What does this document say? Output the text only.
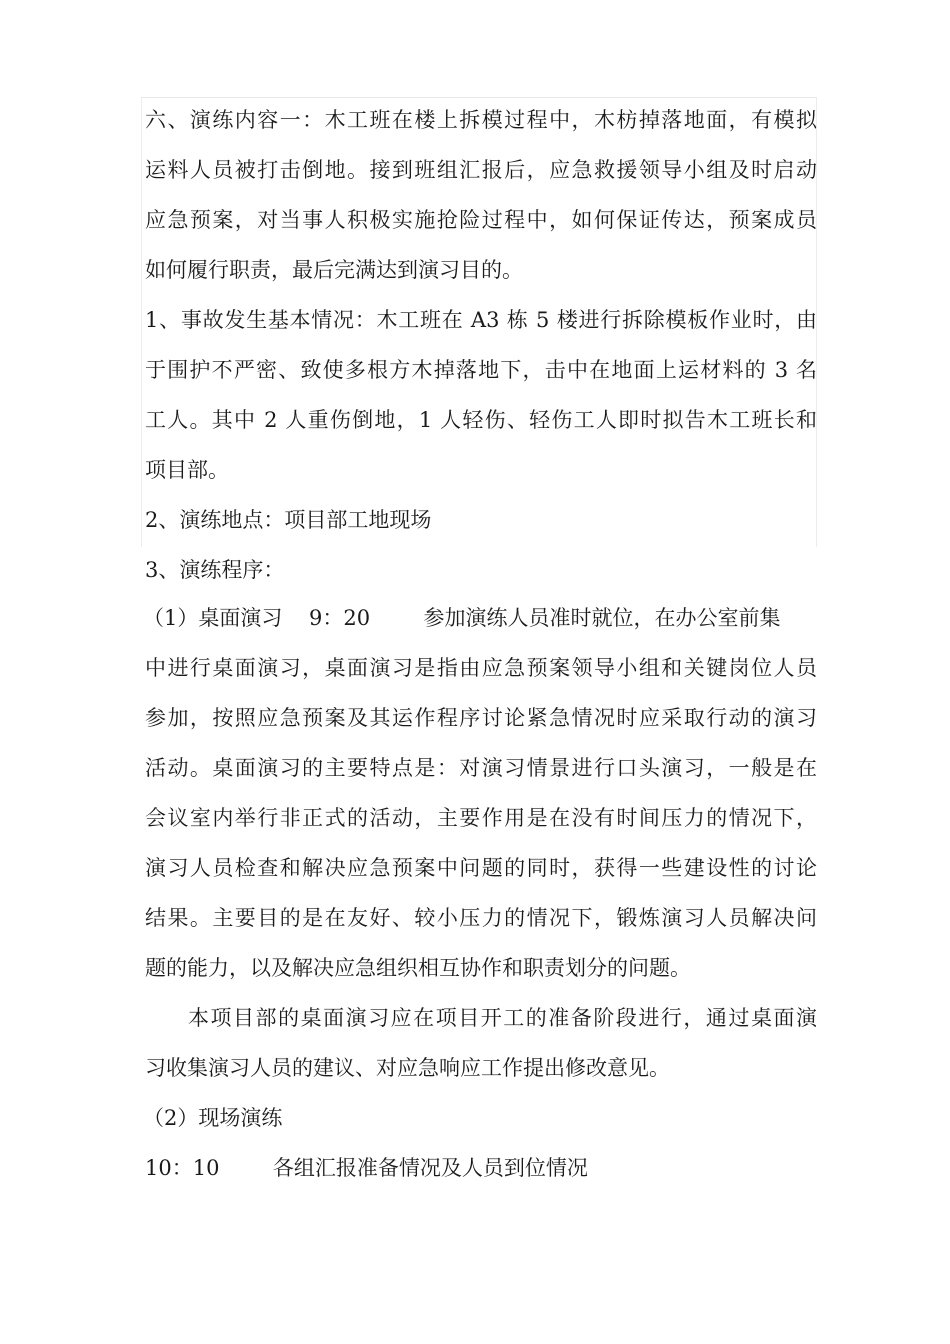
六、演练内容一：木工班在楼上拆模过程中，木枋掉落地面，有模拟
运料人员被打击倒地。接到班组汇报后，应急救援领导小组及时启动
应急预案，对当事人积极实施抢险过程中，如何保证传达，预案成员
如何履行职责，最后完满达到演习目的。
1、事故发生基本情况：木工班在 A3 栋 5 楼进行拆除模板作业时，由
于围护不严密、致使多根方木掉落地下，击中在地面上运材料的 3 名
工人。其中 2 人重伤倒地，1 人轻伤、轻伤工人即时拟告木工班长和
项目部。
2、演练地点：项目部工地现场
3、演练程序：
（1）桌面演习    9：20        参加演练人员准时就位，在办公室前集
中进行桌面演习，桌面演习是指由应急预案领导小组和关键岗位人员
参加，按照应急预案及其运作程序讨论紧急情况时应采取行动的演习
活动。桌面演习的主要特点是：对演习情景进行口头演习，一般是在
会议室内举行非正式的活动，主要作用是在没有时间压力的情况下，
演习人员检查和解决应急预案中问题的同时，获得一些建设性的讨论
结果。主要目的是在友好、较小压力的情况下，锻炼演习人员解决问
题的能力，以及解决应急组织相互协作和职责划分的问题。
本项目部的桌面演习应在项目开工的准备阶段进行，通过桌面演
习收集演习人员的建议、对应急响应工作提出修改意见。
（2）现场演练
10：10        各组汇报准备情况及人员到位情况
